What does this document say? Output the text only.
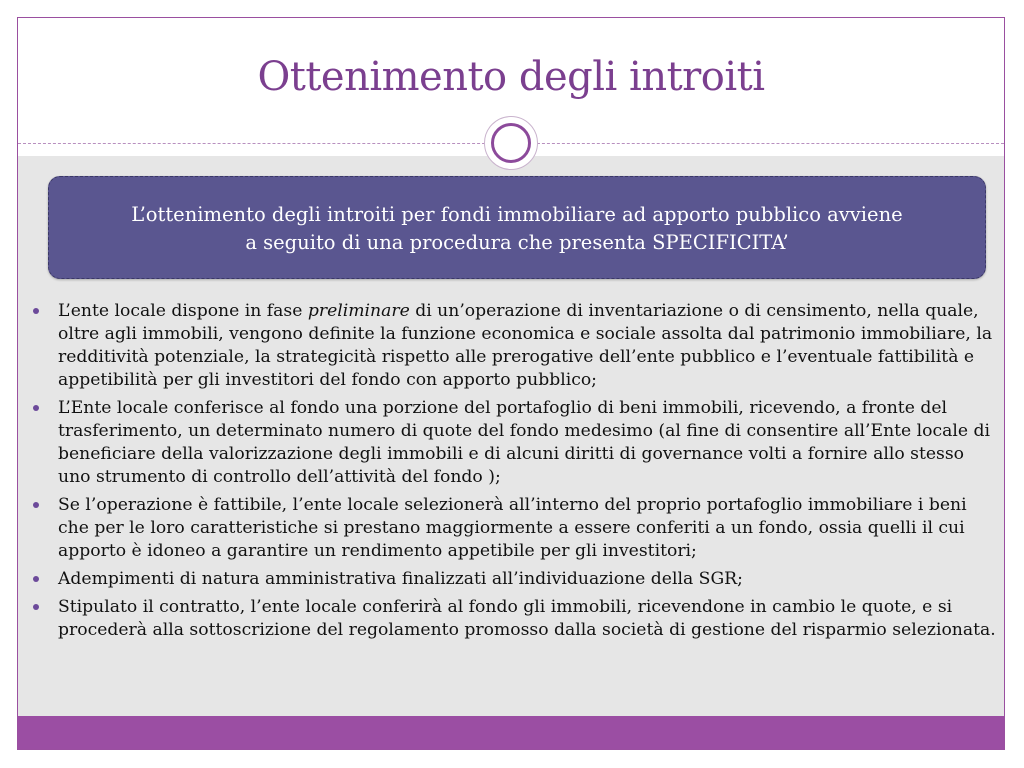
Ottenimento degli introiti
L’ottenimento degli introiti per fondi immobiliare ad apporto pubblico avviene
a seguito di una procedura che presenta SPECIFICITA’
L’ente locale dispone in fase preliminare di un’operazione di inventariazione o di censimento, nella quale, oltre agli immobili, vengono definite la funzione economica e sociale assolta dal patrimonio immobiliare, la redditività potenziale, la strategicità rispetto alle prerogative dell’ente pubblico e l’eventuale fattibilità e appetibilità per gli investitori del fondo con apporto pubblico;
L’Ente locale conferisce al fondo una porzione del portafoglio di beni immobili, ricevendo, a fronte del trasferimento, un determinato numero di quote del fondo medesimo (al fine di consentire all’Ente locale di beneficiare della valorizzazione degli immobili e di alcuni diritti di governance volti a fornire allo stesso uno strumento di controllo dell’attività del fondo );
Se l’operazione è fattibile, l’ente locale selezionerà all’interno del proprio portafoglio immobiliare i beni che per le loro caratteristiche si prestano maggiormente a essere conferiti a un fondo, ossia quelli il cui apporto è idoneo a garantire un rendimento appetibile per gli investitori;
Adempimenti di natura amministrativa finalizzati all’individuazione della SGR;
Stipulato il contratto, l’ente locale conferirà al fondo gli immobili, ricevendone in cambio le quote, e si procederà alla sottoscrizione del regolamento promosso dalla società di gestione del risparmio selezionata.
